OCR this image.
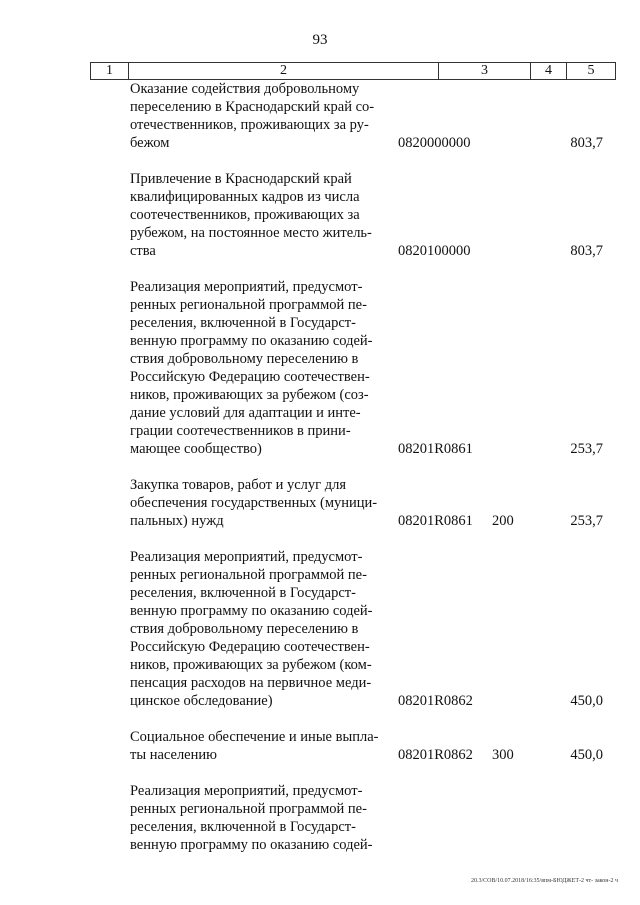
93
1	2	3	4	5
Оказание содействия добровольному
переселению в Краснодарский край со-
отечественников, проживающих за ру-
бежом	0820000000	803,7
Привлечение в Краснодарский край
квалифицированных кадров из числа
соотечественников, проживающих за
рубежом, на постоянное место житель-
ства	0820100000	803,7
Реализация мероприятий, предусмот-
ренных региональной программой пе-
реселения, включенной в Государст-
венную программу по оказанию содей-
ствия добровольному переселению в
Российскую Федерацию соотечествен-
ников, проживающих за рубежом (соз-
дание условий для адаптации и инте-
грации соотечественников в прини-
мающее сообщество)	08201R0861	253,7
Закупка товаров, работ и услуг для
обеспечения государственных (муници-
пальных) нужд	08201R0861 200	253,7
Реализация мероприятий, предусмот-
ренных региональной программой пе-
реселения, включенной в Государст-
венную программу по оказанию содей-
ствия добровольному переселению в
Российскую Федерацию соотечествен-
ников, проживающих за рубежом (ком-
пенсация расходов на первичное меди-
цинское обследование)	08201R0862	450,0
Социальное обеспечение и иные выпла-
ты населению	08201R0862 300	450,0
Реализация мероприятий, предусмот-
ренных региональной программой пе-
реселения, включенной в Государст-
венную программу по оказанию содей-
20.3/СОВ/10.07.2018/16:35/впм-БЮДЖЕТ-2 чт- закон-2 ч
